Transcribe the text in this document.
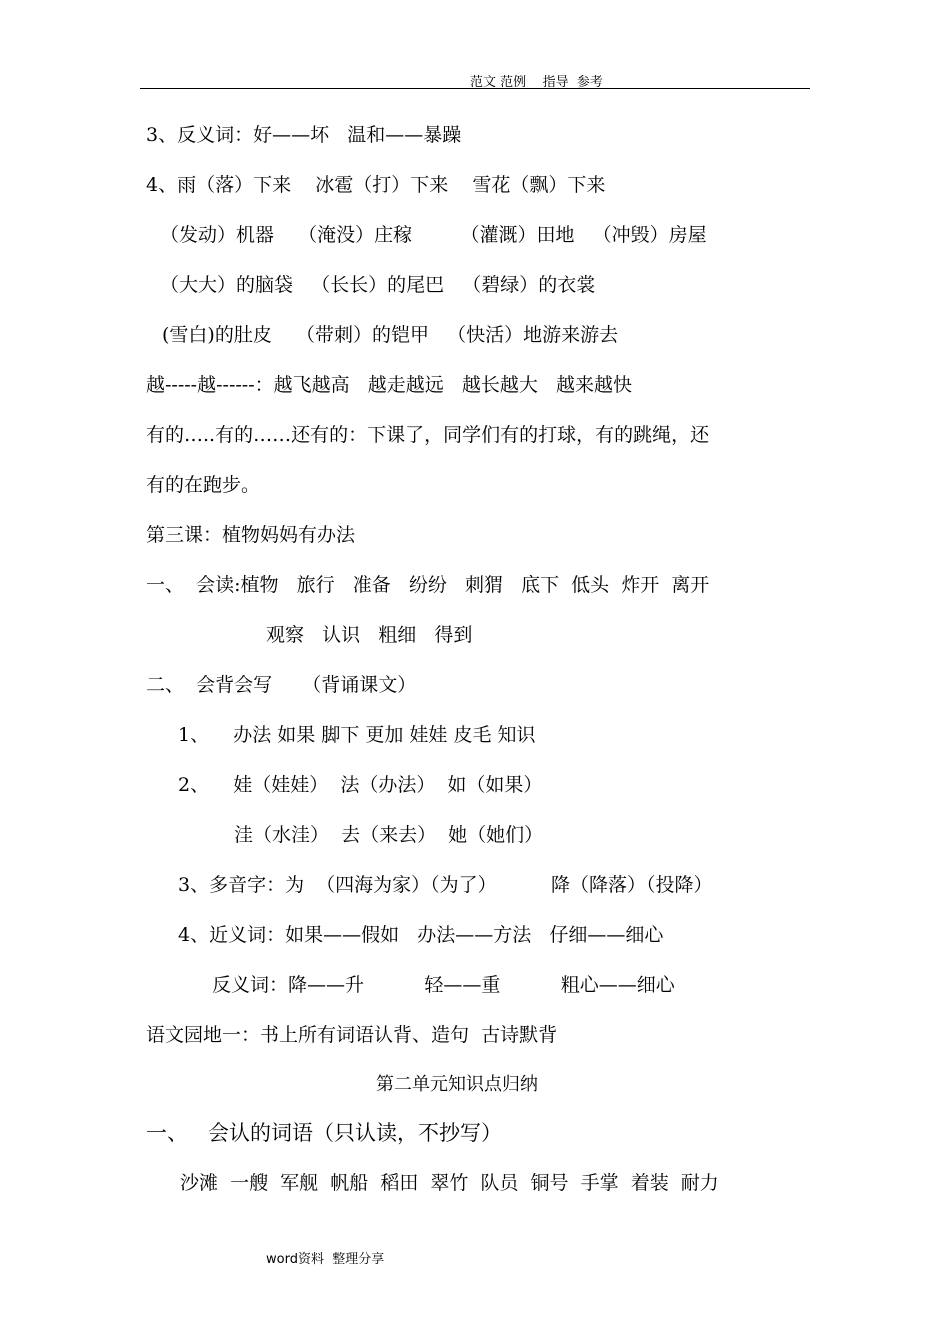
范文 范例    指导  参考
3、反义词：好——坏   温和——暴躁
4、雨（落）下来    冰雹（打）下来    雪花（飘）下来
（发动）机器    （淹没）庄稼        （灌溉）田地   （冲毁）房屋
（大大）的脑袋   （长长）的尾巴   （碧绿）的衣裳
(雪白)的肚皮    （带刺）的铠甲   （快活）地游来游去
越-----越------：越飞越高   越走越远   越长越大   越来越快
有的…..有的……还有的：下课了，同学们有的打球，有的跳绳，还
有的在跑步。
第三课：植物妈妈有办法
一、  会读:植物   旅行   准备   纷纷   刺猬   底下  低头  炸开  离开
观察   认识   粗细   得到
二、  会背会写     （背诵课文）
1、    办法 如果 脚下 更加 娃娃 皮毛 知识
2、    娃（娃娃）  法（办法）  如（如果）
洼（水洼）  去（来去）  她（她们）
3、多音字：为  （四海为家）（为了）         降（降落）（投降）
4、近义词：如果——假如   办法——方法   仔细——细心
反义词：降——升          轻——重          粗心——细心
语文园地一：书上所有词语认背、造句  古诗默背
第二单元知识点归纳
一、   会认的词语（只认读，不抄写）
沙滩  一艘  军舰  帆船  稻田  翠竹  队员  铜号  手掌  着装  耐力
word资料  整理分享
